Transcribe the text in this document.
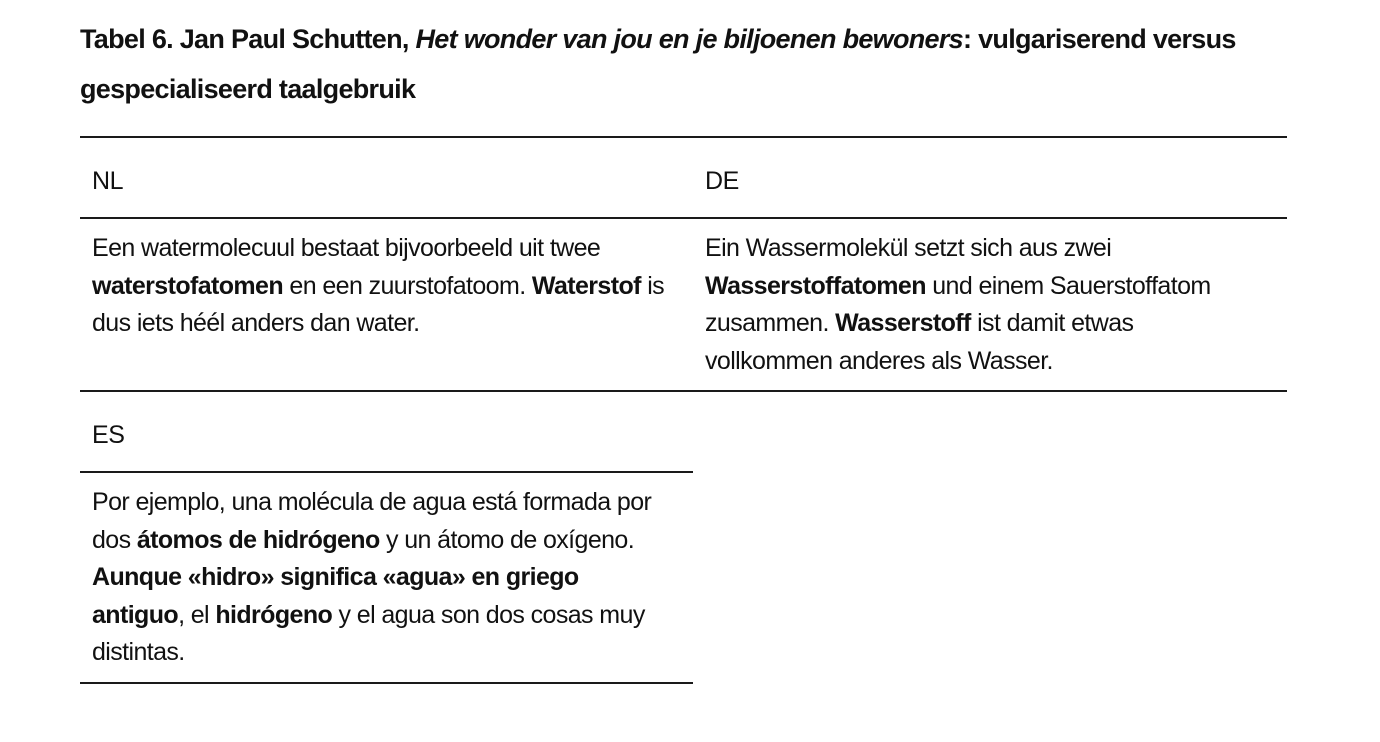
Tabel 6. Jan Paul Schutten, Het wonder van jou en je biljoenen bewoners: vulgariserend versus gespecialiseerd taalgebruik
NL	DE

Een watermolecuul bestaat bijvoorbeeld uit twee waterstofatomen en een zuurstofatoom. Waterstof is dus iets héél anders dan water.

Ein Wassermolekül setzt sich aus zwei Wasserstoffatomen und einem Sauerstoffatom zusammen. Wasserstoff ist damit etwas vollkommen anderes als Wasser.

ES

Por ejemplo, una molécula de agua está formada por dos átomos de hidrógeno y un átomo de oxígeno. Aunque «hidro» significa «agua» en griego antiguo, el hidrógeno y el agua son dos cosas muy distintas.
